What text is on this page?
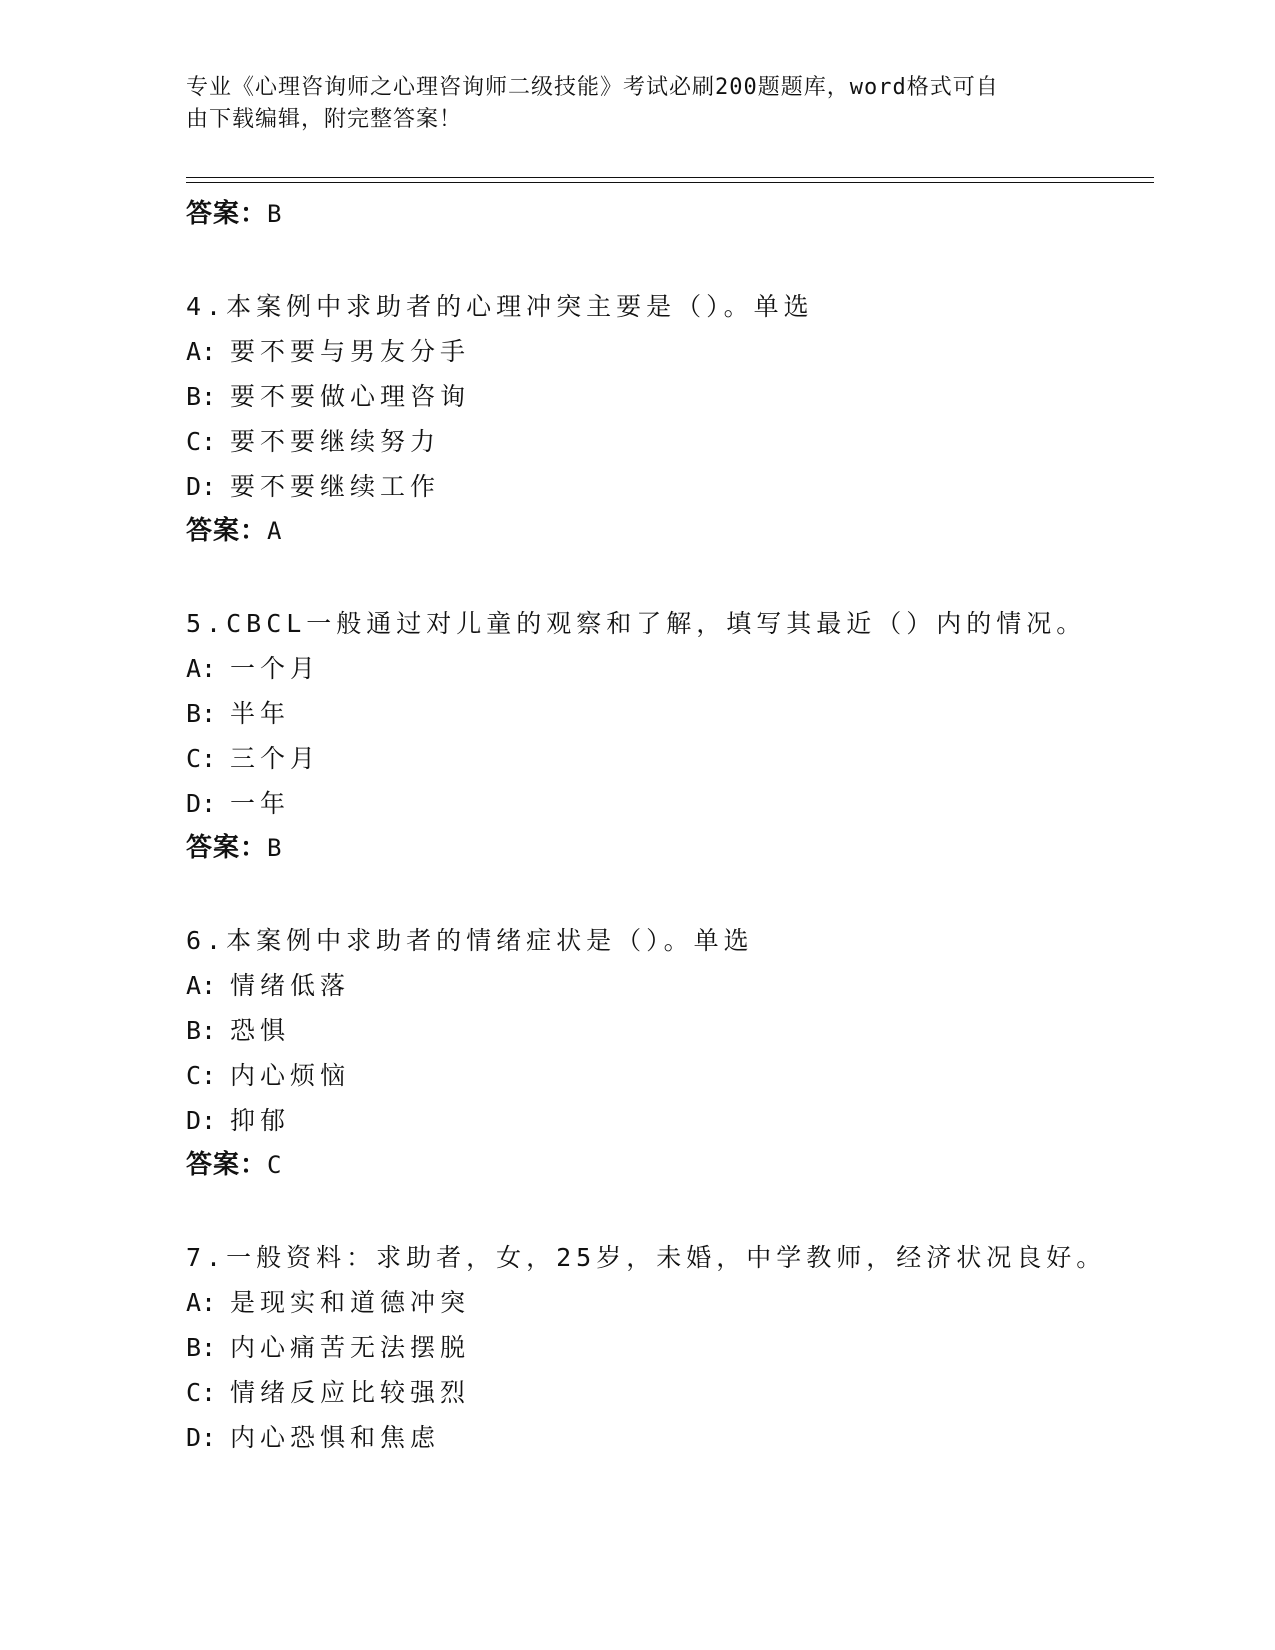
专业《心理咨询师之心理咨询师二级技能》考试必刷200题题库，word格式可自
由下载编辑，附完整答案！
答案：B
4.本案例中求助者的心理冲突主要是（）。单选
A: 要不要与男友分手
B: 要不要做心理咨询
C: 要不要继续努力
D: 要不要继续工作
答案：A
5.CBCL一般通过对儿童的观察和了解，填写其最近（）内的情况。
A: 一个月
B: 半年
C: 三个月
D: 一年
答案：B
6.本案例中求助者的情绪症状是（）。单选
A: 情绪低落
B: 恐惧
C: 内心烦恼
D: 抑郁
答案：C
7.一般资料：求助者，女，25岁，未婚，中学教师，经济状况良好。
A: 是现实和道德冲突
B: 内心痛苦无法摆脱
C: 情绪反应比较强烈
D: 内心恐惧和焦虑
